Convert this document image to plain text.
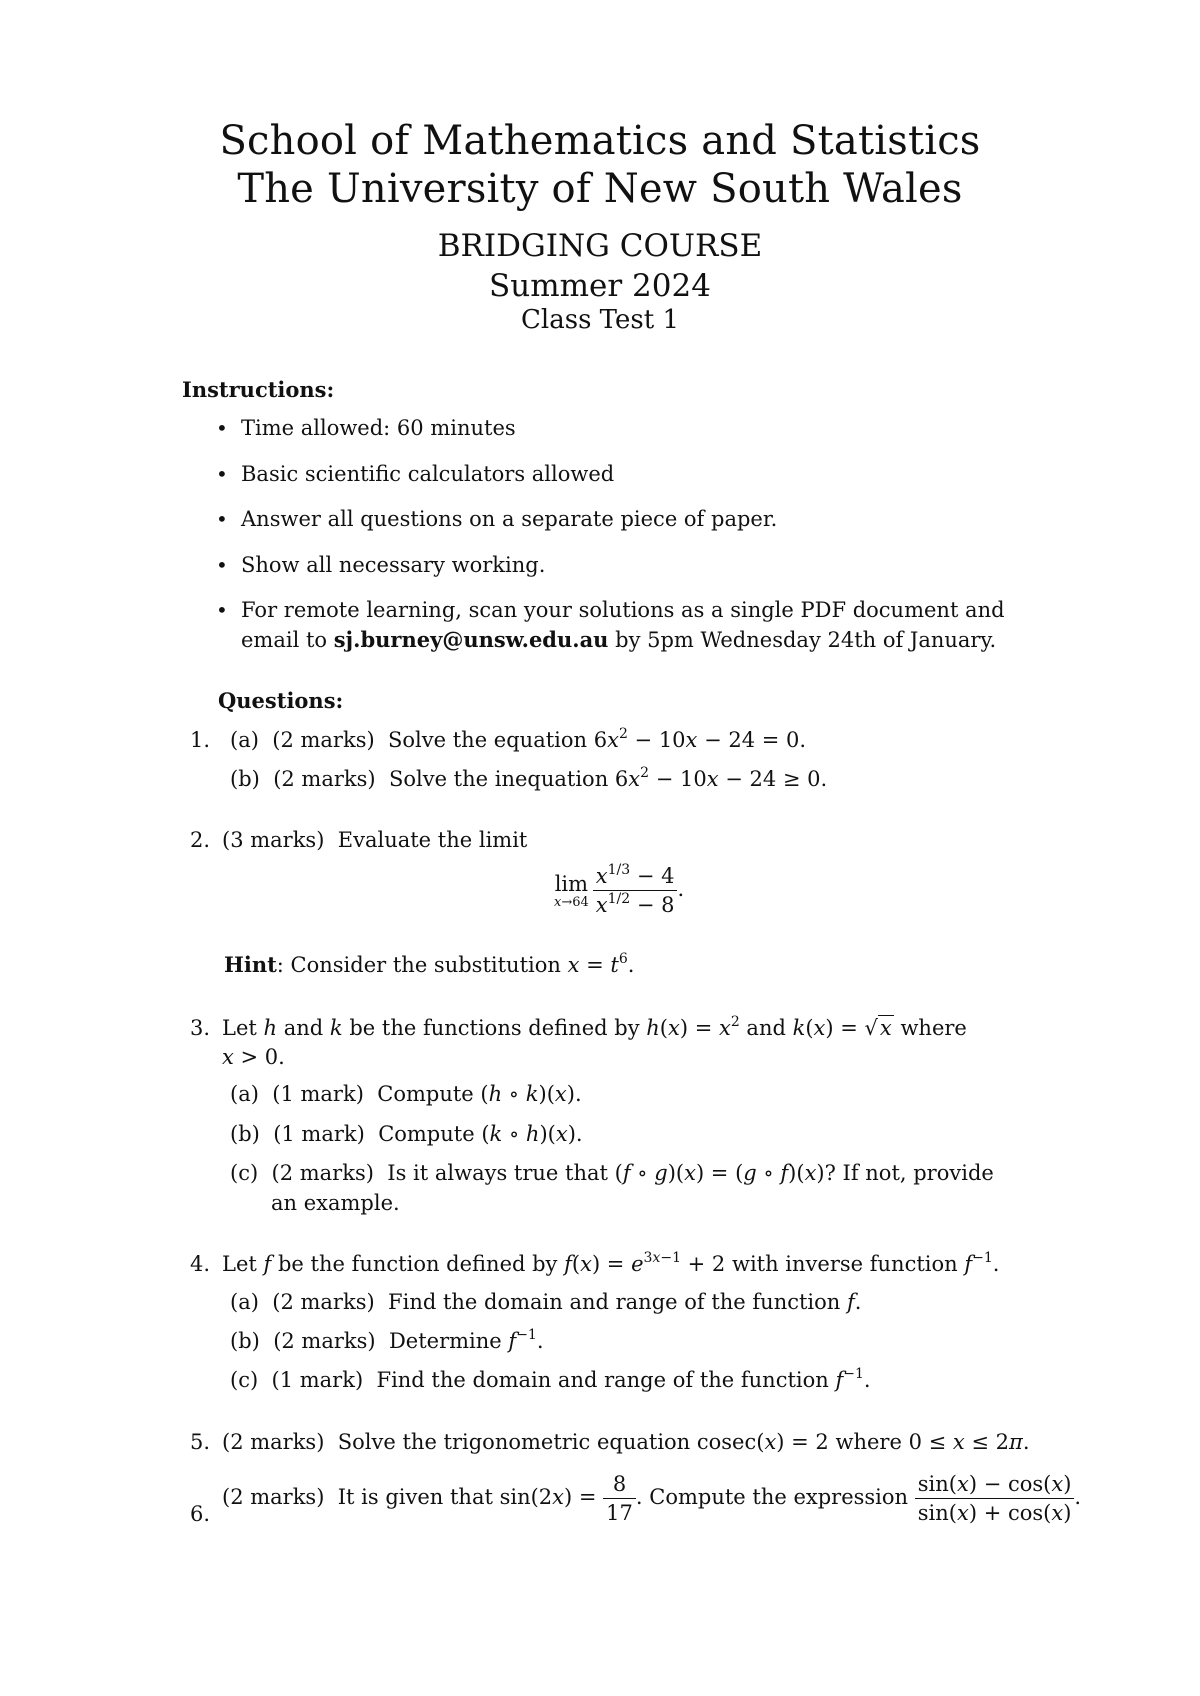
School of Mathematics and Statistics
The University of New South Wales
BRIDGING COURSE
Summer 2024
Class Test 1
Instructions:
• Time allowed: 60 minutes
• Basic scientific calculators allowed
• Answer all questions on a separate piece of paper.
• Show all necessary working.
• For remote learning, scan your solutions as a single PDF document and
email to sj.burney@unsw.edu.au by 5pm Wednesday 24th of January.
Questions:
1. (a) (2 marks) Solve the equation $6x^2 - 10x - 24 = 0$.
(b) (2 marks) Solve the inequation $6x^2 - 10x - 24 \ge 0$.
2. (3 marks) Evaluate the limit
lim
$x\to 64 \frac{x^{1/3} - 4}{x^{1/2} - 8}$ .
Hint: Consider the substitution $x = t^6$.
3. Let h and k be the functions defined by $h(x) = x^2$ and k(x) = √x where
x > 0.
(a) (1 mark) Compute (h ∘ k)(x).
(b) (1 mark) Compute (k ∘ h)(x).
(c) (2 marks) Is it always true that (f ∘ g)(x) = (g ∘ f)(x)? If not, provide
an example.
4. Let f be the function defined by $f(x) = e^{3x-1} + 2$ with inverse function $f^{-1}$.
(a) (2 marks) Find the domain and range of the function f.
(b) (2 marks) Determine $f^{-1}$.
(c) (1 mark) Find the domain and range of the function $f^{-1}$.
5. (2 marks) Solve the trigonometric equation cosec(x) = 2 where 0 ≤ x ≤ 2π.
6.
(2 marks) It is given that $\sin(2x) = \frac{8}{17}$ . Compute the expression $\frac{\sin(x) - \cos(x)}{\sin(x) + \cos(x)}$ .
